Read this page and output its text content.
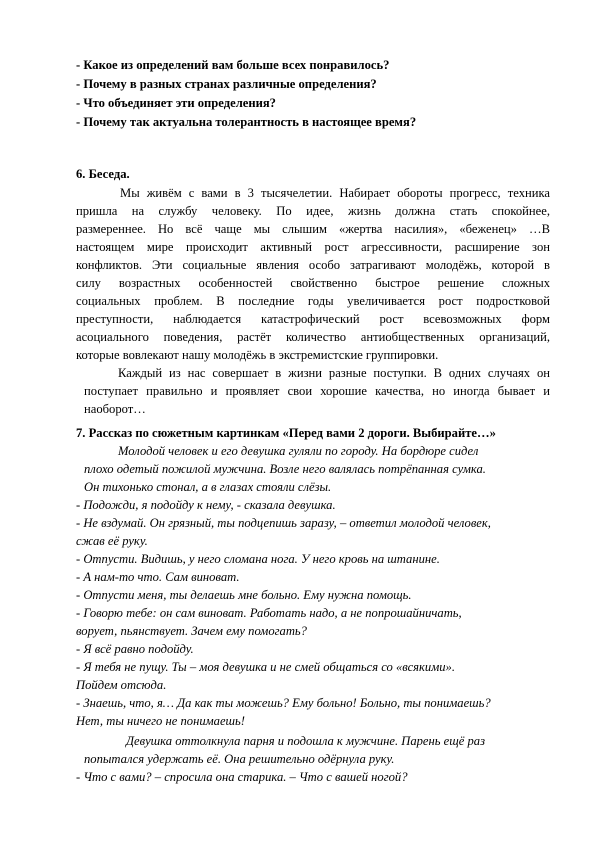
- Какое из определений вам больше всех понравилось?
- Почему в разных странах различные определения?
- Что объединяет эти определения?
- Почему так актуальна толерантность в настоящее время?
6. Беседа.
Мы живём с вами в 3 тысячелетии. Набирает обороты прогресс, техника
пришла на службу человеку. По идее, жизнь должна стать спокойнее,
размереннее. Но всё чаще мы слышим «жертва насилия», «беженец» …В
настоящем мире происходит активный рост агрессивности, расширение зон
конфликтов. Эти социальные явления особо затрагивают молодёжь, которой в
силу возрастных особенностей свойственно быстрое решение сложных
социальных проблем. В последние годы увеличивается рост подростковой
преступности, наблюдается катастрофический рост всевозможных форм
асоциального поведения, растёт количество антиобщественных организаций,
которые вовлекают нашу молодёжь в экстремистские группировки.
Каждый из нас совершает в жизни разные поступки. В одних случаях он
поступает правильно и проявляет свои хорошие качества, но иногда бывает и
наоборот…
7. Рассказ по сюжетным картинкам «Перед вами 2 дороги. Выбирайте…»
Молодой человек и его девушка гуляли по городу. На бордюре сидел
плохо одетый пожилой мужчина. Возле него валялась потрёпанная сумка.
Он тихонько стонал, а в глазах стояли слёзы.
- Подожди, я подойду к нему, - сказала девушка.
- Не вздумай. Он грязный, ты подцепишь заразу, – ответил молодой человек,
сжав её руку.
- Отпусти. Видишь, у него сломана нога. У него кровь на штанине.
- А нам-то что. Сам виноват.
- Отпусти меня, ты делаешь мне больно. Ему нужна помощь.
- Говорю тебе: он сам виноват. Работать надо, а не попрошайничать,
ворует, пьянствует. Зачем ему помогать?
- Я всё равно подойду.
- Я тебя не пущу. Ты – моя девушка и не смей общаться со «всякими».
Пойдем отсюда.
- Знаешь, что, я… Да как ты можешь? Ему больно! Больно, ты понимаешь?
Нет, ты ничего не понимаешь!
Девушка оттолкнула парня и подошла к мужчине. Парень ещё раз
попытался удержать её. Она решительно одёрнула руку.
- Что с вами? – спросила она старика. – Что с вашей ногой?
